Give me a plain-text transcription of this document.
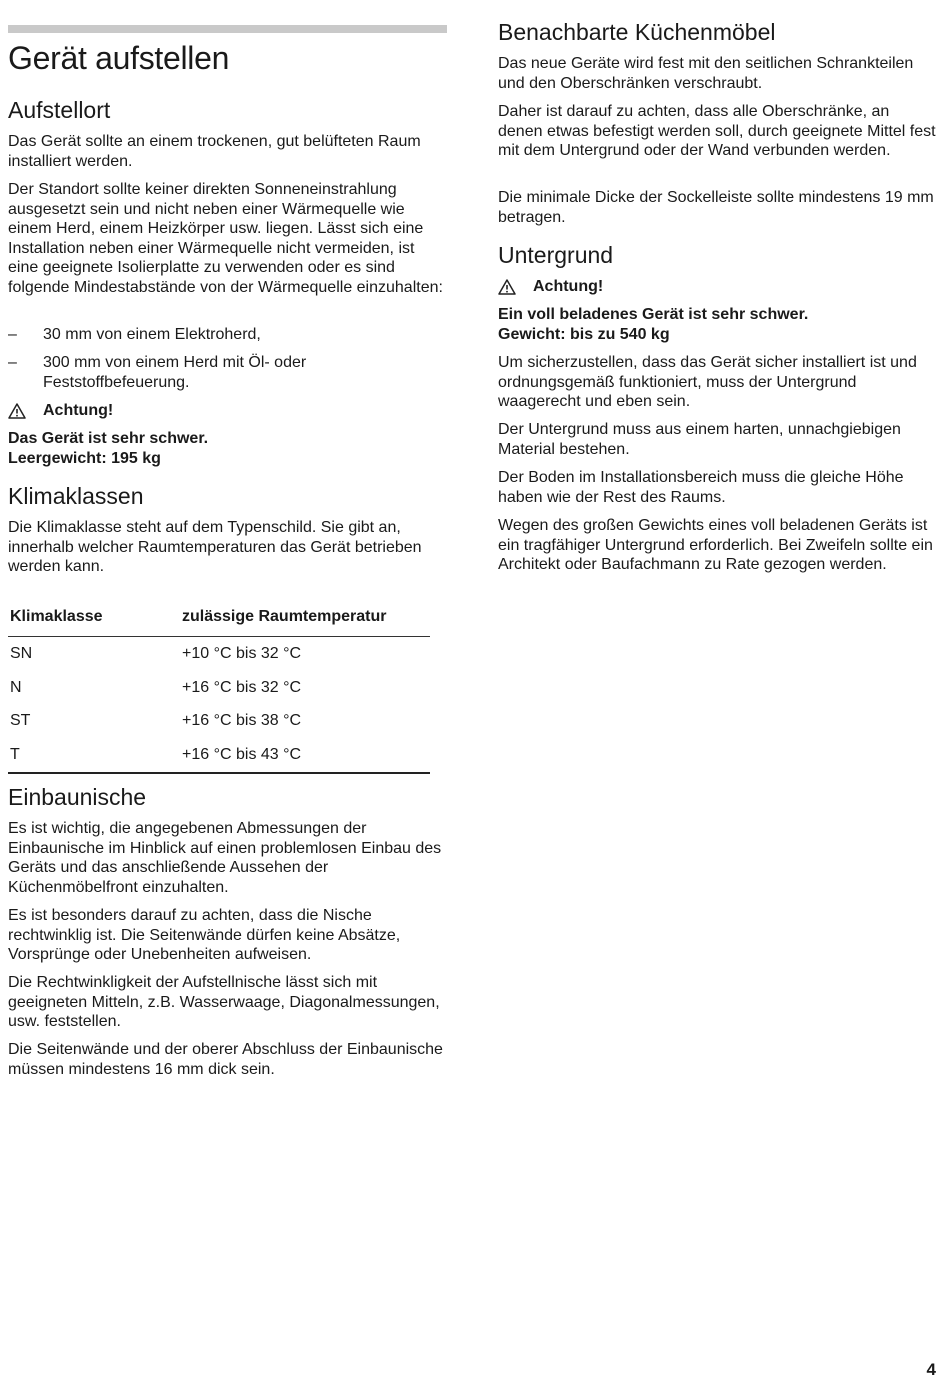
Gerät aufstellen
Aufstellort

Das Gerät sollte an einem trockenen, gut belüfteten Raum installiert werden.

Der Standort sollte keiner direkten Sonneneinstrahlung ausgesetzt sein und nicht neben einer Wärmequelle wie einem Herd, einem Heizkörper usw. liegen. Lässt sich eine Installation neben einer Wärmequelle nicht vermeiden, ist eine geeignete Isolierplatte zu verwenden oder es sind folgende Mindestabstände von der Wärmequelle einzuhalten:

– 30 mm von einem Elektroherd,
– 300 mm von einem Herd mit Öl- oder Feststoffbefeuerung.
Achtung!

Das Gerät ist sehr schwer.

Leergewicht: 195 kg

Klimaklassen

Die Klimaklasse steht auf dem Typenschild. Sie gibt an, innerhalb welcher Raumtemperaturen das Gerät betrieben werden kann.

Klimaklasse	zulässige Raumtemperatur
SN	+10 °C bis 32 °C
N	+16 °C bis 32 °C
ST	+16 °C bis 38 °C
T	+16 °C bis 43 °C
Einbaunische

Es ist wichtig, die angegebenen Abmessungen der Einbaunische im Hinblick auf einen problemlosen Einbau des Geräts und das anschließende Aussehen der Küchenmöbelfront einzuhalten.

Es ist besonders darauf zu achten, dass die Nische rechtwinklig ist. Die Seitenwände dürfen keine Absätze, Vorsprünge oder Unebenheiten aufweisen.

Die Rechtwinkligkeit der Aufstellnische lässt sich mit geeigneten Mitteln, z.B. Wasserwaage, Diagonalmessungen, usw. feststellen.

Die Seitenwände und der oberer Abschluss der Einbaunische müssen mindestens 16 mm dick sein.

Benachbarte Küchenmöbel

Das neue Geräte wird fest mit den seitlichen Schrankteilen und den Oberschränken verschraubt.

Daher ist darauf zu achten, dass alle Oberschränke, an denen etwas befestigt werden soll, durch geeignete Mittel fest mit dem Untergrund oder der Wand verbunden werden.

Die minimale Dicke der Sockelleiste sollte mindestens 19 mm betragen.

Untergrund
Achtung!

Ein voll beladenes Gerät ist sehr schwer.

Gewicht: bis zu 540 kg

Um sicherzustellen, dass das Gerät sicher installiert ist und ordnungsgemäß funktioniert, muss der Untergrund waagerecht und eben sein.

Der Untergrund muss aus einem harten, unnachgiebigen Material bestehen.

Der Boden im Installationsbereich muss die gleiche Höhe haben wie der Rest des Raums.

Wegen des großen Gewichts eines voll beladenen Geräts ist ein tragfähiger Untergrund erforderlich. Bei Zweifeln sollte ein Architekt oder Baufachmann zu Rate gezogen werden.

4
